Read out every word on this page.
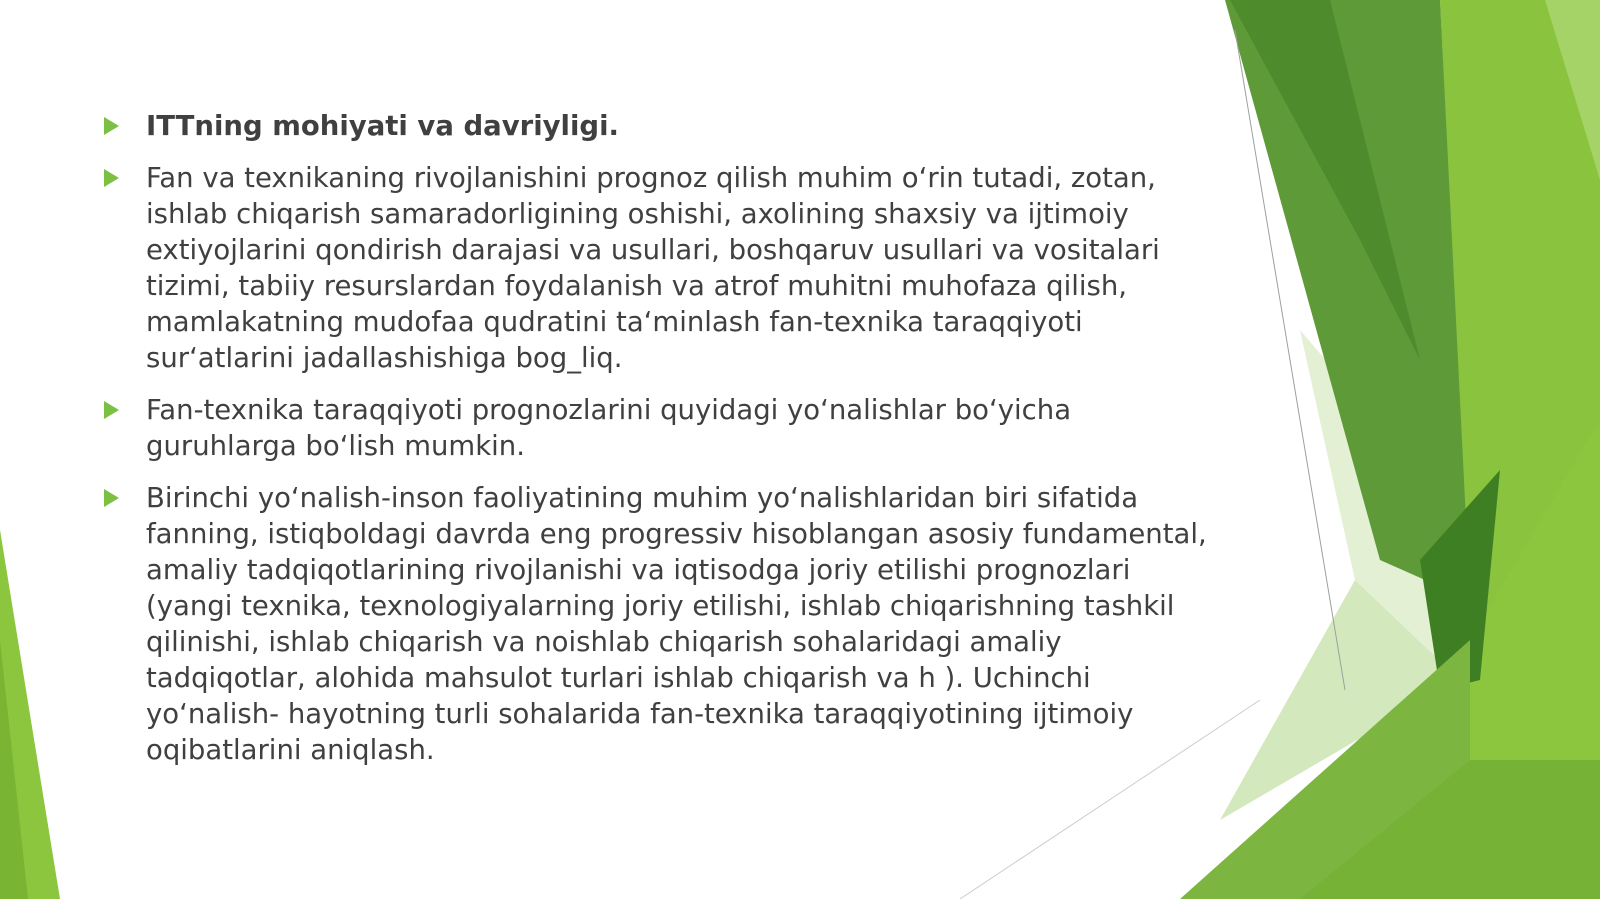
ITTning mohiyati va davriyligi.
Fan va texnikaning rivojlanishini prognoz qilish muhim o‘rin tutadi, zotan, ishlab chiqarish samaradorligining oshishi, axolining shaxsiy va ijtimoiy extiyojlarini qondirish darajasi va usullari, boshqaruv usullari va vositalari tizimi, tabiiy resurslardan foydalanish va atrof muhitni muhofaza qilish, mamlakatning mudofaa qudratini ta‘minlash fan-texnika taraqqiyoti sur‘atlarini jadallashishiga bog_liq.
Fan-texnika taraqqiyoti prognozlarini quyidagi yo‘nalishlar bo‘yicha guruhlarga bo‘lish mumkin.
Birinchi yo‘nalish-inson faoliyatining muhim yo‘nalishlaridan biri sifatida fanning, istiqboldagi davrda eng progressiv hisoblangan asosiy fundamental, amaliy tadqiqotlarining rivojlanishi va iqtisodga joriy etilishi prognozlari (yangi texnika, texnologiyalarning joriy etilishi, ishlab chiqarishning tashkil qilinishi, ishlab chiqarish va noishlab chiqarish sohalaridagi amaliy tadqiqotlar, alohida mahsulot turlari ishlab chiqarish va h ). Uchinchi yo‘nalish- hayotning turli sohalarida fan-texnika taraqqiyotining ijtimoiy oqibatlarini aniqlash.
